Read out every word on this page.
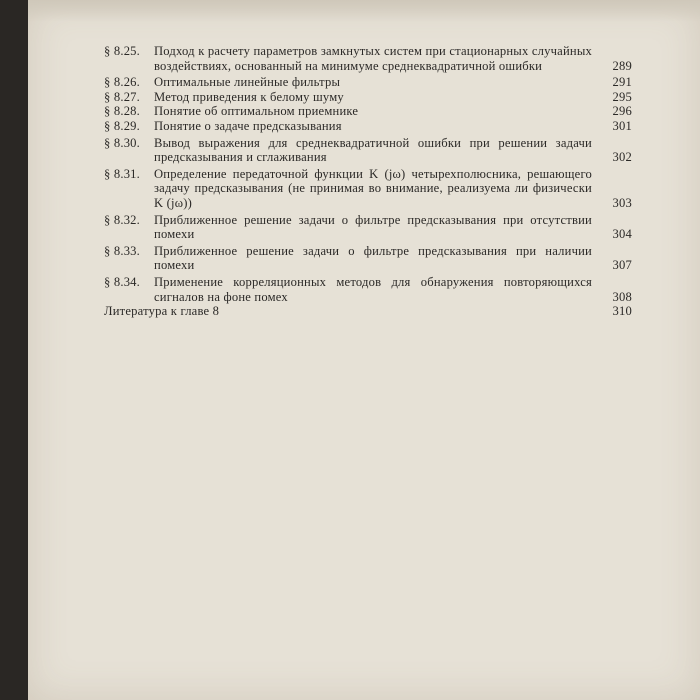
§ 8.25. Подход к расчету параметров замкнутых систем при стационарных случайных воздействиях, основанный на минимуме среднеквадратичной ошибки	289
§ 8.26. Оптимальные линейные фильтры	291
§ 8.27. Метод приведения к белому шуму	295
§ 8.28. Понятие об оптимальном приемнике	296
§ 8.29. Понятие о задаче предсказывания	301
§ 8.30. Вывод выражения для среднеквадратичной ошибки при решении задачи предсказывания и сглаживания	302
§ 8.31. Определение передаточной функции K (jω) четырехполюсника, решающего задачу предсказывания (не принимая во внимание, реализуема ли физически K (jω))	303
§ 8.32. Приближенное решение задачи о фильтре предсказывания при отсутствии помехи	304
§ 8.33. Приближенное решение задачи о фильтре предсказывания при наличии помехи	307
§ 8.34. Применение корреляционных методов для обнаружения повторяющихся сигналов на фоне помех	308
Литература к главе 8	310
